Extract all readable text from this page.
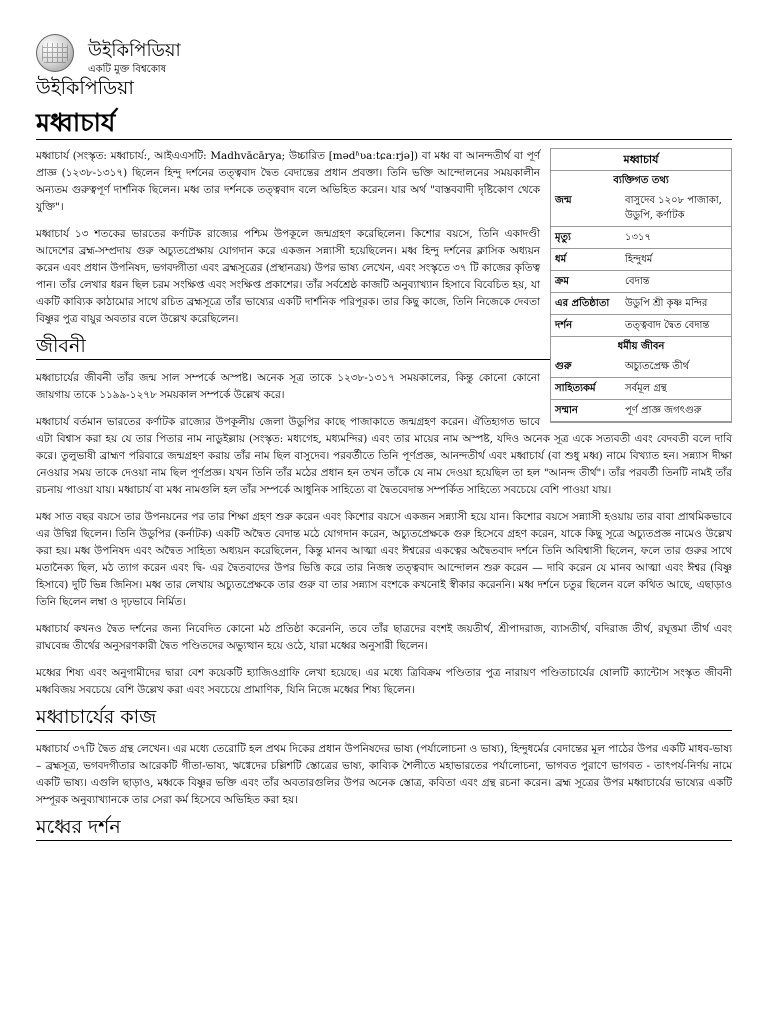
উইকিপিডিয়া
একটি মুক্ত বিশ্বকোষ
উইকিপিডিয়া
মধ্বাচার্য
মধ্বাচার্য
ব্যক্তিগত তথ্য
জন্ম	বাসুদেব ১২০৮ পাজাকা, উডুপি, কর্ণাটক
মৃত্যু	১৩১৭
ধর্ম	হিন্দুধর্ম
ক্রম	বেদান্ত
এর প্রতিষ্ঠাতা	উডুপি শ্রী কৃষ্ণ মন্দির
দর্শন	তত্ত্ববাদ দ্বৈত বেদান্ত
ধর্মীয় জীবন
গুরু	অচ্যুতপ্রেক্ষ তীর্থ
সাহিত্যকর্ম	সর্বমূল গ্রন্থ
সম্মান	পূর্ণ প্রাজ্ঞ জগৎগুরু

মধ্বাচার্য (সংস্কৃত: মধ্বাচার্য:, আইএএসটি: Madhvācārya; উচ্চারিত [mədʱʋaːtɕaːrjə]) বা মধ্ব বা আনন্দতীর্থ বা পূর্ণ প্রাজ্ঞ (১২৩৮-১৩১৭) ছিলেন হিন্দু দর্শনের তত্ত্ববাদ দ্বৈত বেদান্তের প্রধান প্রবক্তা। তিনি ভক্তি আন্দোলনের সময়কালীন অন্যতম গুরুত্বপূর্ণ দার্শনিক ছিলেন। মধ্ব তার দর্শনকে তত্ত্ববাদ বলে অভিহিত করেন। যার অর্থ "বাস্তববাদী দৃষ্টিকোণ থেকে যুক্তি"।

মধ্বাচার্য ১৩ শতকের ভারতের কর্ণাটক রাজ্যের পশ্চিম উপকূলে জন্মগ্রহণ করেছিলেন। কিশোর বয়সে, তিনি একাদণ্ডী আদেশের ব্রহ্ম-সম্প্রদায় গুরু অচ্যুতপ্রেক্ষায় যোগদান করে একজন সন্ন্যাসী হয়েছিলেন। মধ্ব হিন্দু দর্শনের ক্লাসিক অধ্যয়ন করেন এবং প্রধান উপনিষদ, ভগবদ্গীতা এবং ব্রহ্মসূত্রের (প্রস্থানত্রয়) উপর ভাষ্য লেখেন, এবং সংস্কৃতে ৩৭ টি কাজের কৃতিত্ব পান। তাঁর লেখার ধরন ছিল চরম সংক্ষিপ্ত এবং সংক্ষিপ্ত প্রকাশের। তাঁর সর্বশ্রেষ্ঠ কাজটি অনুব্যাখ্যান হিসাবে বিবেচিত হয়, যা একটি কাব্যিক কাঠামোর সাথে রচিত ব্রহ্মসূত্রে তাঁর ভাষ্যের একটি দার্শনিক পরিপূরক। তার কিছু কাজে, তিনি নিজেকে দেবতা বিষ্ণুর পুত্র বায়ুর অবতার বলে উল্লেখ করেছিলেন।

জীবনী

মধ্বাচার্যের জীবনী তাঁর জন্ম সাল সম্পর্কে অস্পষ্ট। অনেক সূত্র তাকে ১২৩৮-১৩১৭ সময়কালের, কিন্তু কোনো কোনো জায়গায় তাকে ১১৯৯-১২৭৮ সময়কাল সম্পর্কে উল্লেখ করে।

মধ্বাচার্য বর্তমান ভারতের কর্ণাটক রাজ্যের উপকূলীয় জেলা উডুপির কাছে পাজাকাতে জন্মগ্রহণ করেন। ঐতিহ্যগত ভাবে এটা বিশ্বাস করা হয় যে তার পিতার নাম নাডুইল্লায় (সংস্কৃত: মধ্যগেহ, মধ্যমন্দির) এবং তার মায়ের নাম অস্পষ্ট, যদিও অনেক সূত্র একে সত্যবতী এবং বেদবতী বলে দাবি করে। তুলুভাষী ব্রাহ্মণ পরিবারে জন্মগ্রহণ করায় তাঁর নাম ছিল বাসুদেব। পরবর্তীতে তিনি পূর্ণপ্রজ্ঞ, আনন্দতীর্থ এবং মধ্বাচার্য (বা শুধু মধ্ব) নামে বিখ্যাত হন। সন্ন্যাস দীক্ষা নেওয়ার সময় তাকে দেওয়া নাম ছিল পূর্ণপ্রজ্ঞ। যখন তিনি তাঁর মঠের প্রধান হন তখন তাঁকে যে নাম দেওয়া হয়েছিল তা হল "আনন্দ তীর্থ"। তাঁর পরবর্তী তিনটি নামই তাঁর রচনায় পাওয়া যায়। মধ্বাচার্য বা মধ্ব নামগুলি হল তাঁর সম্পর্কে আধুনিক সাহিত্যে বা দ্বৈতবেদান্ত সম্পর্কিত সাহিত্যে সবচেয়ে বেশি পাওয়া যায়।

মধ্ব সাত বছর বয়সে তার উপনয়নের পর তার শিক্ষা গ্রহণ শুরু করেন এবং কিশোর বয়সে একজন সন্ন্যাসী হয়ে যান। কিশোর বয়সে সন্ন্যাসী হওয়ায় তার বাবা প্রাথমিকভাবে এর উদ্বিগ্ন ছিলেন। তিনি উডুপির (কর্নাটক) একটি অদ্বৈত বেদান্ত মঠে যোগদান করেন, অচ্যুতপ্রেক্ষকে গুরু হিসেবে গ্রহণ করেন, যাকে কিছু সূত্রে অচ্যুতপ্রজ্ঞ নামেও উল্লেখ করা হয়। মধ্ব উপনিষদ এবং অদ্বৈত সাহিত্য অধ্যয়ন করেছিলেন, কিন্তু মানব আত্মা এবং ঈশ্বরের একত্বের অদ্বৈতবাদ দর্শনে তিনি অবিশ্বাসী ছিলেন, ফলে তার গুরুর সাথে মতানৈক্য ছিল, মঠ ত্যাগ করেন এবং দ্বি- এর দ্বৈতবাদের উপর ভিত্তি করে তার নিজস্ব তত্ত্ববাদ আন্দোলন শুরু করেন — দাবি করেন যে মানব আত্মা এবং ঈশ্বর (বিষ্ণু হিসাবে) দুটি ভিন্ন জিনিস। মধ্ব তার লেখায় অচ্যুতপ্রেক্ষকে তার গুরু বা তার সন্ন্যাস বংশকে কখনোই স্বীকার করেননি। মধ্ব দর্শনে চতুর ছিলেন বলে কথিত আছে, এছাড়াও তিনি ছিলেন লম্বা ও দৃঢ়ভাবে নির্মিত।

মধ্বাচার্য কখনও দ্বৈত দর্শনের জন্য নিবেদিত কোনো মঠ প্রতিষ্ঠা করেননি, তবে তাঁর ছাত্রদের বংশই জয়তীর্থ, শ্রীপাদরাজ, ব্যাসতীর্থ, বদিরাজ তীর্থ, রঘূত্তমা তীর্থ এবং রাঘবেন্দ্র তীর্থের অনুসরণকারী দ্বৈত পণ্ডিতদের অভ্যুত্থান হয়ে ওঠে, যারা মধ্বের অনুসারী ছিলেন।

মধ্বের শিষ্য এবং অনুগামীদের দ্বারা বেশ কয়েকটি হ্যাজিওগ্রাফি লেখা হয়েছে। এর মধ্যে ত্রিবিক্রম পণ্ডিতার পুত্র নারায়ণ পণ্ডিতাচার্যের ষোলটি ক্যান্টোস সংস্কৃত জীবনী মধ্ববিজয় সবচেয়ে বেশি উল্লেখ করা এবং সবচেয়ে প্রামাণিক, যিনি নিজে মধ্বের শিষ্য ছিলেন।

মধ্বাচার্যের কাজ

মধ্বাচার্য ৩৭টি দ্বৈত গ্রন্থ লেখেন। এর মধ্যে তেরোটি হল প্রথম দিকের প্রধান উপনিষদের ভাষ্য (পর্যালোচনা ও ভাষ্য), হিন্দুধর্মের বেদান্তের মূল পাঠের উপর একটি মাধব-ভাষ্য – ব্রহ্মসূত্র, ভগবদগীতার আরেকটি গীতা-ভাষ্য, ঋগ্বেদের চল্লিশটি স্তোত্রের ভাষ্য, কাব্যিক শৈলীতে মহাভারতের পর্যালোচনা, ভাগবত পুরাণে ভাগবত - তাৎপর্য-নির্ণয় নামে একটি ভাষ্য। এগুলি ছাড়াও, মধ্বকে বিষ্ণুর ভক্তি এবং তাঁর অবতারগুলির উপর অনেক স্তোত্র, কবিতা এবং গ্রন্থ রচনা করেন। ব্রহ্ম সূত্রের উপর মধ্বাচার্যের ভাষ্যের একটি সম্পূরক অনুব্যাখ্যানকে তার সেরা কর্ম হিসেবে অভিহিত করা হয়।

মধ্বের দর্শন
